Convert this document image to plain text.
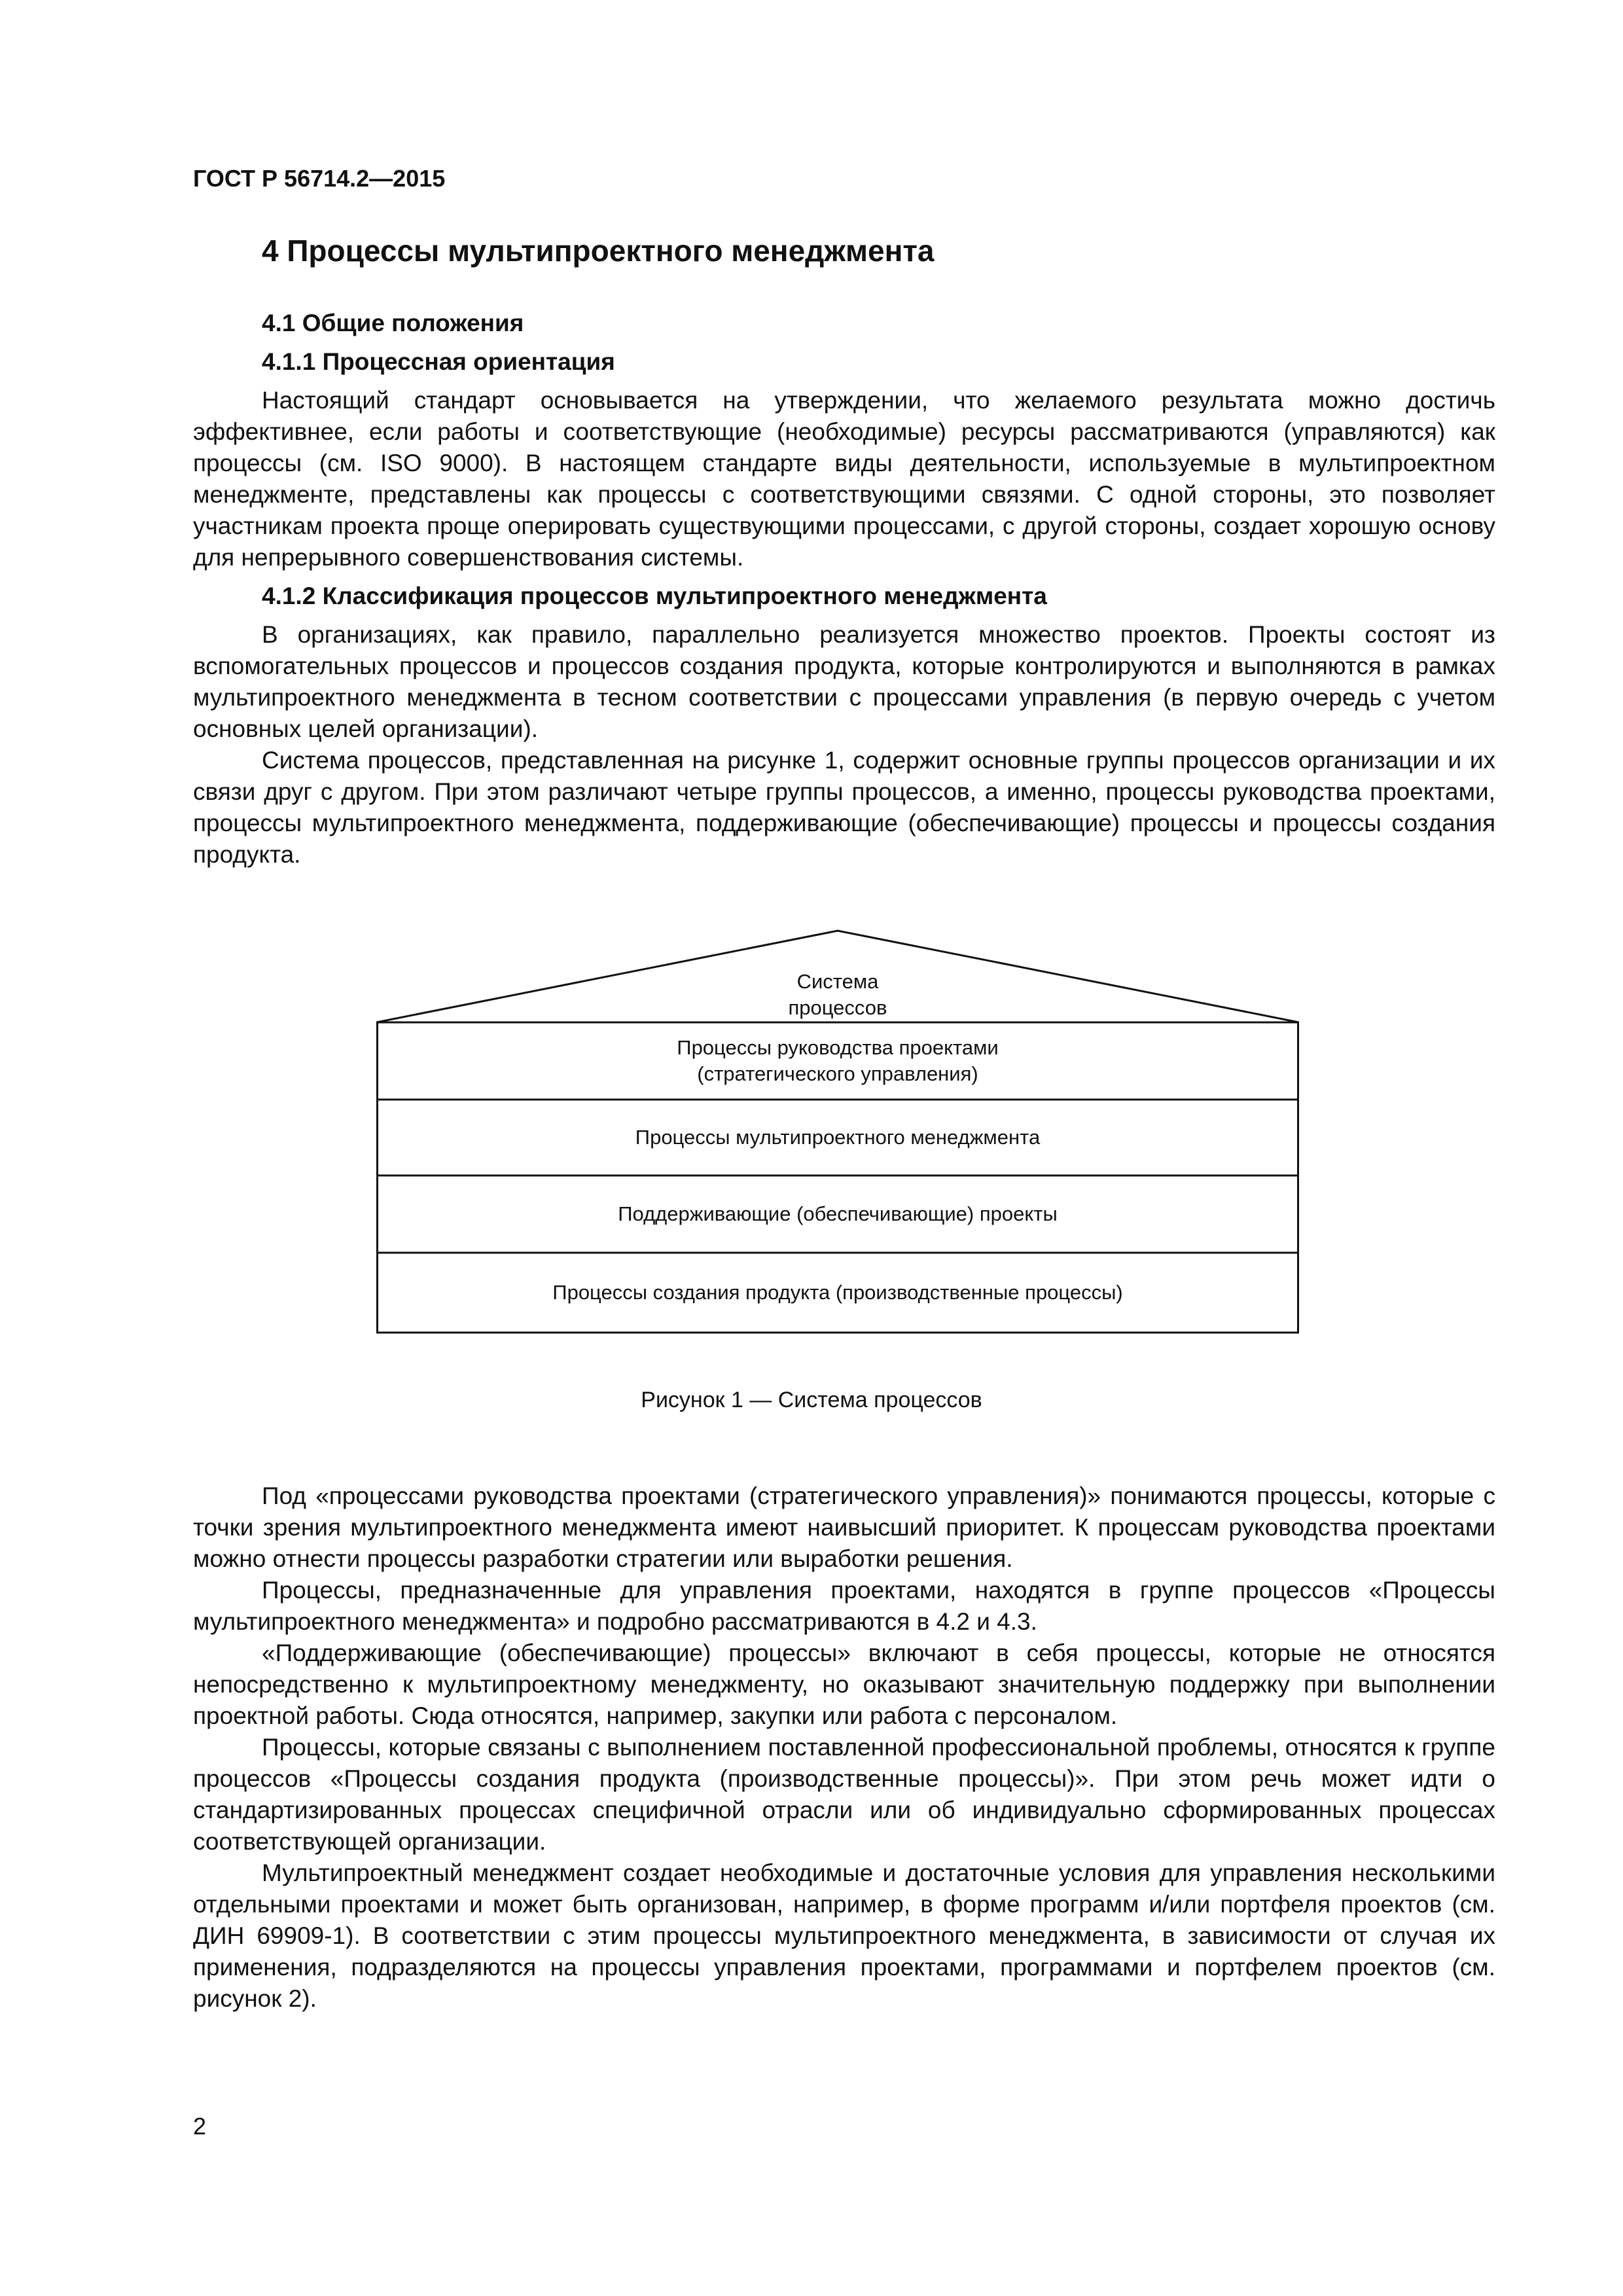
ГОСТ Р 56714.2—2015
4 Процессы мультипроектного менеджмента
4.1 Общие положения
4.1.1 Процессная ориентация

Настоящий стандарт основывается на утверждении, что желаемого результата можно достичь эффективнее, если работы и соответствующие (необходимые) ресурсы рассматриваются (управляются) как процессы (см. ISO 9000). В настоящем стандарте виды деятельности, используемые в мультипроектном менеджменте, представлены как процессы с соответствующими связями. С одной стороны, это позволяет участникам проекта проще оперировать существующими процессами, с другой стороны, создает хорошую основу для непрерывного совершенствования системы.

4.1.2 Классификация процессов мультипроектного менеджмента

В организациях, как правило, параллельно реализуется множество проектов. Проекты состоят из вспомогательных процессов и процессов создания продукта, которые контролируются и выполняются в рамках мультипроектного менеджмента в тесном соответствии с процессами управления (в первую очередь с учетом основных целей организации).

Система процессов, представленная на рисунке 1, содержит основные группы процессов организации и их связи друг с другом. При этом различают четыре группы процессов, а именно, процессы руководства проектами, процессы мультипроектного менеджмента, поддерживающие (обеспечивающие) процессы и процессы создания продукта.

Система
процессов
Процессы руководства проектами
(стратегического управления)
Процессы мультипроектного менеджмента
Поддерживающие (обеспечивающие) проекты
Процессы создания продукта (производственные процессы)

Рисунок 1 — Система процессов

Под «процессами руководства проектами (стратегического управления)» понимаются процессы, которые с точки зрения мультипроектного менеджмента имеют наивысший приоритет. К процессам руководства проектами можно отнести процессы разработки стратегии или выработки решения.

Процессы, предназначенные для управления проектами, находятся в группе процессов «Процессы мультипроектного менеджмента» и подробно рассматриваются в 4.2 и 4.3.

«Поддерживающие (обеспечивающие) процессы» включают в себя процессы, которые не относятся непосредственно к мультипроектному менеджменту, но оказывают значительную поддержку при выполнении проектной работы. Сюда относятся, например, закупки или работа с персоналом.

Процессы, которые связаны с выполнением поставленной профессиональной проблемы, относятся к группе процессов «Процессы создания продукта (производственные процессы)». При этом речь может идти о стандартизированных процессах специфичной отрасли или об индивидуально сформированных процессах соответствующей организации.

Мультипроектный менеджмент создает необходимые и достаточные условия для управления несколькими отдельными проектами и может быть организован, например, в форме программ и/или портфеля проектов (см. ДИН 69909-1). В соответствии с этим процессы мультипроектного менеджмента, в зависимости от случая их применения, подразделяются на процессы управления проектами, программами и портфелем проектов (см. рисунок 2).

2
